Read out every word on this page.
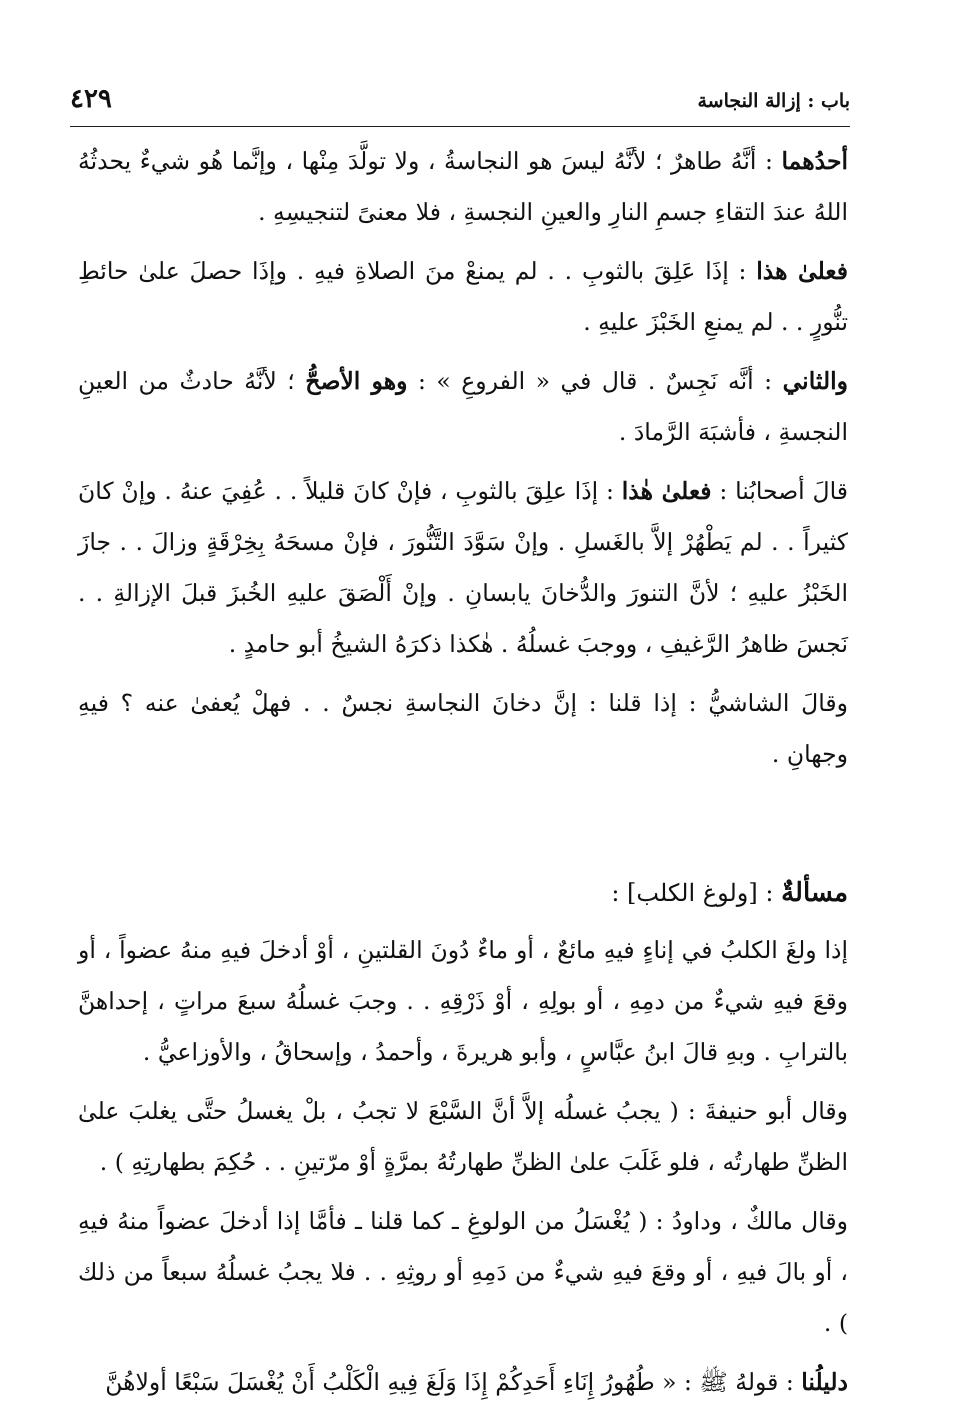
باب : إزالة النجاسة
٤٢٩

أحدُهما : أنَّهُ طاهرٌ ؛ لأنَّهُ ليسَ هو النجاسةُ ، ولا تولَّدَ مِنْها ، وإنَّما هُو شيءٌ يحدثُهُ اللهُ عندَ التقاءِ جسمِ النارِ والعينِ النجسةِ ، فلا معنىً لتنجيسِهِ .

فعلىٰ هذا : إذَا عَلِقَ بالثوبِ . . لم يمنعْ منَ الصلاةِ فيهِ . وإذَا حصلَ علىٰ حائطِ تنُّورٍ . . لم يمنعِ الخَبْزَ عليهِ .

والثاني : أنَّه نَجِسٌ . قال في « الفروعِ » : وهو الأصحُّ ؛ لأنَّهُ حادثٌ من العينِ النجسةِ ، فأشبَهَ الرَّمادَ .

قالَ أصحابُنا : فعلىٰ هٰذا : إذَا علِقَ بالثوبِ ، فإنْ كانَ قليلاً . . عُفِيَ عنهُ . وإنْ كانَ كثيراً . . لم يَطْهُرْ إلاَّ بالغَسلِ . وإنْ سَوَّدَ التَّنُّورَ ، فإنْ مسحَهُ بِخِرْقَةٍ وزالَ . . جازَ الخَبْزُ عليهِ ؛ لأنَّ التنورَ والدُّخانَ يابسانِ . وإنْ أَلْصَقَ عليهِ الخُبزَ قبلَ الإزالةِ . . نَجسَ ظاهرُ الرَّغيفِ ، ووجبَ غسلُهُ . هٰكذا ذكرَهُ الشيخُ أبو حامدٍ .

وقالَ الشاشيُّ : إذا قلنا : إنَّ دخانَ النجاسةِ نجسٌ . . فهلْ يُعفىٰ عنه ؟ فيهِ وجهانِ .

مسألةٌ : [ولوغ الكلب] :

إذا ولغَ الكلبُ في إناءٍ فيهِ مائعٌ ، أو ماءٌ دُونَ القلتينِ ، أوْ أدخلَ فيهِ منهُ عضواً ، أو وقعَ فيهِ شيءٌ من دمِهِ ، أو بولِهِ ، أوْ ذَرْقِهِ . . وجبَ غسلُهُ سبعَ مراتٍ ، إحداهنَّ بالترابِ . وبهِ قالَ ابنُ عبَّاسٍ ، وأبو هريرةَ ، وأحمدُ ، وإسحاقُ ، والأوزاعيُّ .

وقال أبو حنيفةَ : ( يجبُ غسلُه إلاَّ أنَّ السَّبْعَ لا تجبُ ، بلْ يغسلُ حتَّى يغلبَ علىٰ الظنِّ طهارتُه ، فلو غَلَبَ علىٰ الظنِّ طهارتُهُ بمرَّةٍ أوْ مرّتينِ . . حُكِمَ بطهارتِهِ ) .

وقال مالكٌ ، وداودُ : ( يُغْسَلُ من الولوغِ ـ كما قلنا ـ فأمَّا إذا أدخلَ عضواً منهُ فيهِ ، أو بالَ فيهِ ، أو وقعَ فيهِ شيءٌ من دَمِهِ أو روثِهِ . . فلا يجبُ غسلُهُ سبعاً من ذلك ) .

دليلُنا : قولهُ ﷺ : « طُهُورُ إِنَاءِ أَحَدِكُمْ إِذَا وَلَغَ فِيهِ الْكَلْبُ أَنْ يُغْسَلَ سَبْعًا أولاهُنَّ
